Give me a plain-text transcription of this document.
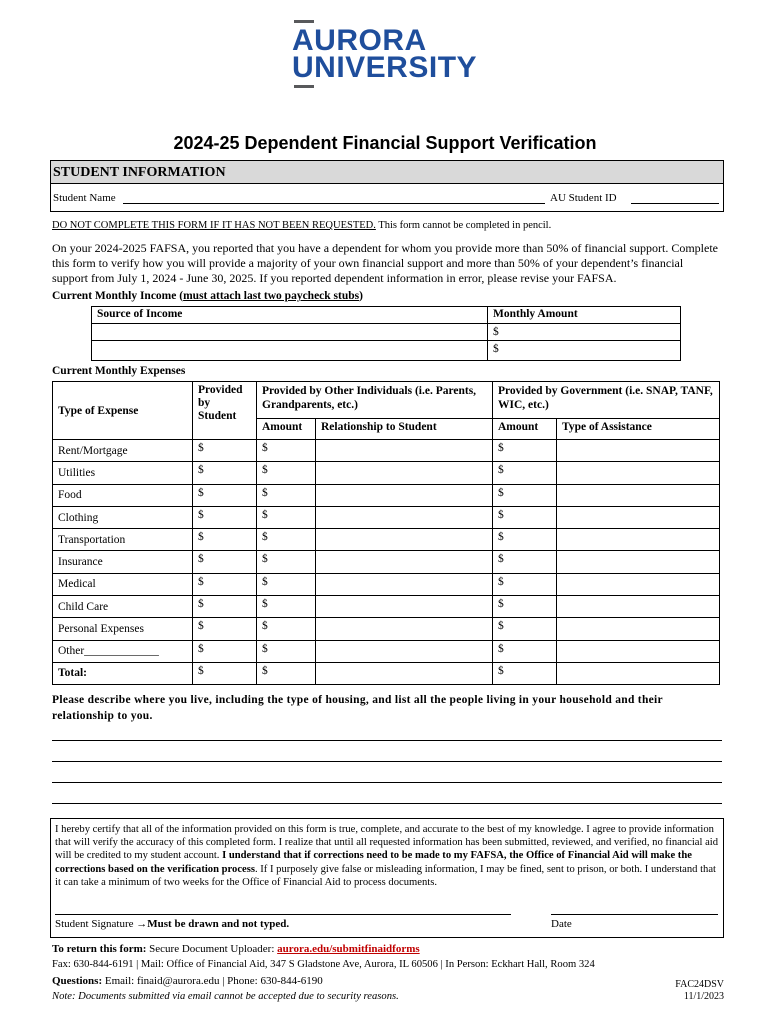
AURORA
UNIVERSITY
2024-25 Dependent Financial Support Verification
STUDENT INFORMATION
Student Name	AU Student ID
DO NOT COMPLETE THIS FORM IF IT HAS NOT BEEN REQUESTED. This form cannot be completed in pencil.
On your 2024-2025 FAFSA, you reported that you have a dependent for whom you provide more than 50% of financial support. Complete this form to verify how you will provide a majority of your own financial support and more than 50% of your dependent’s financial support from July 1, 2024 - June 30, 2025. If you reported dependent information in error, please revise your FAFSA.
Current Monthly Income (must attach last two paycheck stubs)
Source of Income	Monthly Amount
	$
	$
Current Monthly Expenses
Type of Expense	Provided by Student	Provided by Other Individuals (i.e. Parents, Grandparents, etc.)		Provided by Government (i.e. SNAP, TANF, WIC, etc.)	
		Amount	Relationship to Student	Amount	Type of Assistance
Rent/Mortgage	$	$		$	
Utilities	$	$		$	
Food	$	$		$	
Clothing	$	$		$	
Transportation	$	$		$	
Insurance	$	$		$	
Medical	$	$		$	
Child Care	$	$		$	
Personal Expenses	$	$		$	
Other_____________	$	$		$	
Total:	$	$		$	
Please describe where you live, including the type of housing, and list all the people living in your household and their relationship to you.
I hereby certify that all of the information provided on this form is true, complete, and accurate to the best of my knowledge. I agree to provide information that will verify the accuracy of this completed form. I realize that until all requested information has been submitted, reviewed, and verified, no financial aid will be credited to my student account. I understand that if corrections need to be made to my FAFSA, the Office of Financial Aid will make the corrections based on the verification process. If I purposely give false or misleading information, I may be fined, sent to prison, or both. I understand that it can take a minimum of two weeks for the Office of Financial Aid to process documents.
Student Signature →Must be drawn and not typed.	Date
To return this form: Secure Document Uploader: aurora.edu/submitfinaidforms
Fax: 630-844-6191 | Mail: Office of Financial Aid, 347 S Gladstone Ave, Aurora, IL 60506 | In Person: Eckhart Hall, Room 324
Questions: Email: finaid@aurora.edu | Phone: 630-844-6190
Note: Documents submitted via email cannot be accepted due to security reasons.
FAC24DSV
11/1/2023
